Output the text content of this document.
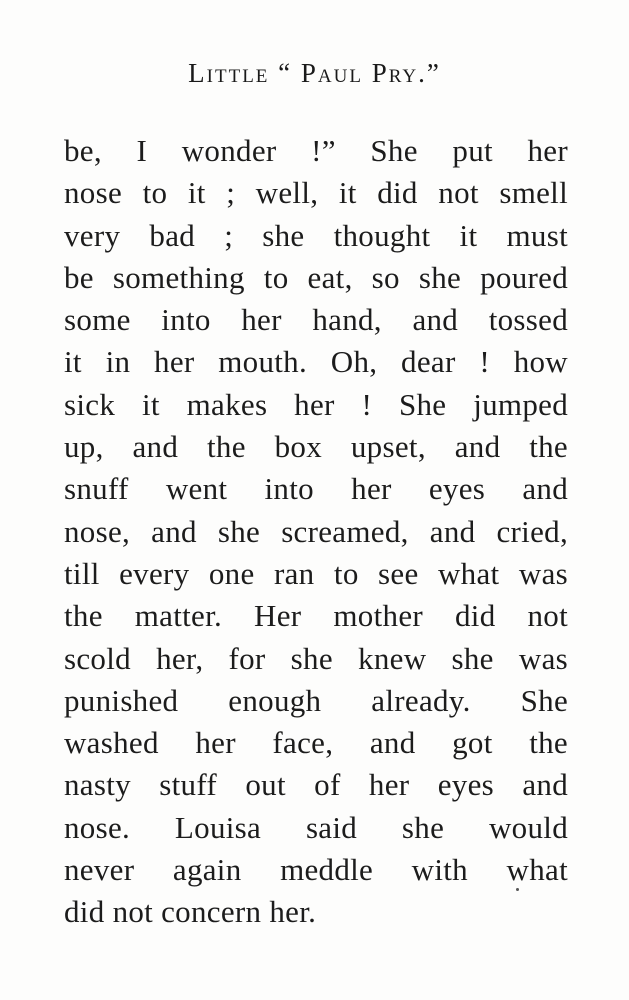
Little “ Paul Pry.”
be, I wonder !” She put her
nose to it ; well, it did not smell
very bad ; she thought it must
be something to eat, so she poured
some into her hand, and tossed
it in her mouth. Oh, dear ! how
sick it makes her ! She jumped
up, and the box upset, and the
snuff went into her eyes and
nose, and she screamed, and cried,
till every one ran to see what was
the matter. Her mother did not
scold her, for she knew she was
punished enough already. She
washed her face, and got the
nasty stuff out of her eyes and
nose. Louisa said she would
never again meddle with what
did not concern her.
